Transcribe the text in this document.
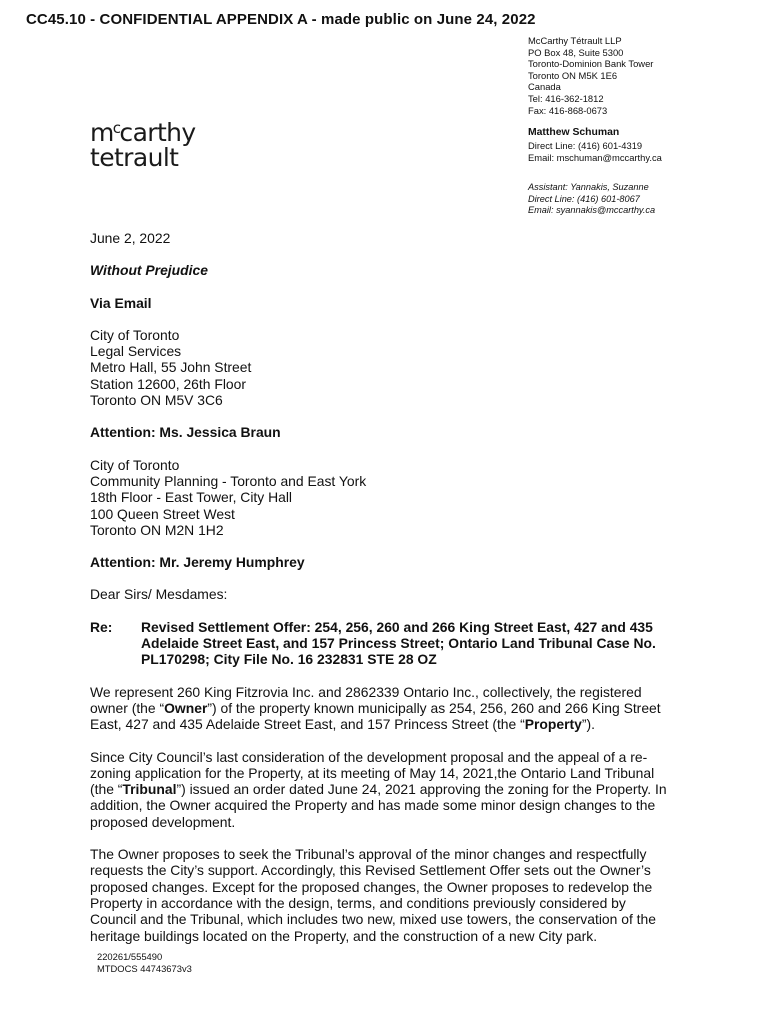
CC45.10 - CONFIDENTIAL APPENDIX A - made public on June 24, 2022
McCarthy Tétrault LLP
PO Box 48, Suite 5300
Toronto-Dominion Bank Tower
Toronto ON M5K 1E6
Canada
Tel: 416-362-1812
Fax: 416-868-0673
Matthew Schuman
Direct Line: (416) 601-4319
Email: mschuman@mccarthy.ca
Assistant: Yannakis, Suzanne
Direct Line: (416) 601-8067
Email: syannakis@mccarthy.ca
$m^ccarthy$
tetrault

June 2, 2022

Without Prejudice

Via Email

City of Toronto

Legal Services

Metro Hall, 55 John Street

Station 12600, 26th Floor

Toronto ON M5V 3C6

Attention: Ms. Jessica Braun

City of Toronto

Community Planning - Toronto and East York

18th Floor - East Tower, City Hall

100 Queen Street West

Toronto ON M2N 1H2

Attention: Mr. Jeremy Humphrey

Dear Sirs/ Mesdames:

Re:	Revised Settlement Offer: 254, 256, 260 and 266 King Street East, 427 and 435 Adelaide Street East, and 157 Princess Street; Ontario Land Tribunal Case No. PL170298; City File No. 16 232831 STE 28 OZ

We represent 260 King Fitzrovia Inc. and 2862339 Ontario Inc., collectively, the registered owner (the “Owner”) of the property known municipally as 254, 256, 260 and 266 King Street East, 427 and 435 Adelaide Street East, and 157 Princess Street (the “Property”).

Since City Council’s last consideration of the development proposal and the appeal of a re-zoning application for the Property, at its meeting of May 14, 2021,the Ontario Land Tribunal (the “Tribunal”) issued an order dated June 24, 2021 approving the zoning for the Property. In addition, the Owner acquired the Property and has made some minor design changes to the proposed development.

The Owner proposes to seek the Tribunal’s approval of the minor changes and respectfully requests the City’s support. Accordingly, this Revised Settlement Offer sets out the Owner’s proposed changes. Except for the proposed changes, the Owner proposes to redevelop the Property in accordance with the design, terms, and conditions previously considered by Council and the Tribunal, which includes two new, mixed use towers, the conservation of the heritage buildings located on the Property, and the construction of a new City park.

220261/555490
MTDOCS 44743673v3
